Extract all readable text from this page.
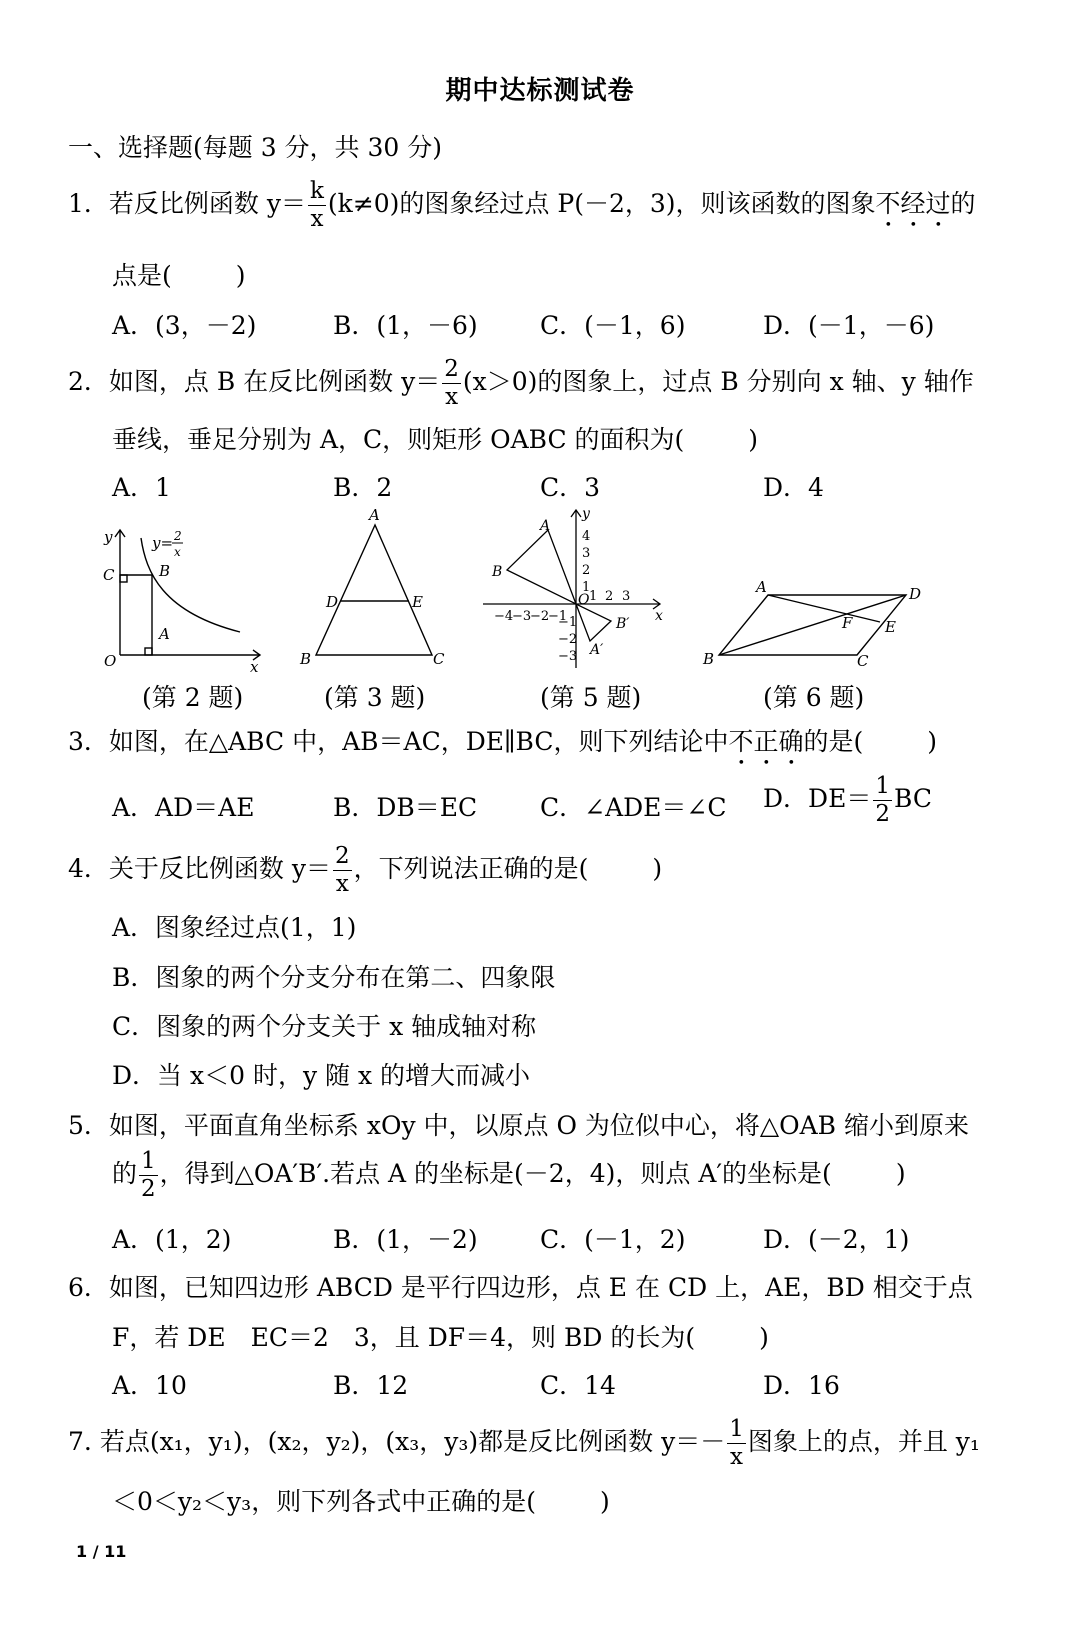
期中达标测试卷
一、选择题(每题 3 分，共 30 分)
1．若反比例函数 $y= \frac{k}{x} (k\ne 0)$的图象经过点 P(－2，3)，则该函数的图象不经过的
点是(	)
A．(3，－2)	B．(1，－6) C．(－1，6)	D．(－1，－6)
2．如图，点 B 在反比例函数 $y= \frac{2}{x} (x>0)$的图象上，过点 B 分别向 x 轴、y 轴作
垂线，垂足分别为 A，C，则矩形 OABC 的面积为(	)
A．1	B．2	C．3	D．4
y
x
O
C	B
A
y= 2
x
A
B	C
D	E
y
x
O
A
B
A′
B′
−4
−3
−2
−1
1 2 3
4
3
2
1
−1
−2
−3
A
B	C
D
E
F
(第 2 题)	(第 3 题)	(第 5 题)	(第 6 题)
3．如图，在△ABC 中，AB＝AC，DE∥BC，则下列结论中不正确的是(	)
A．AD＝AE	B．DB＝EC	C．∠ADE＝∠C D．$DE= \frac{1}{2}$ BC
4．关于反比例函数 $y= \frac{2}{x}$ ，下列说法正确的是(	)
A．图象经过点(1，1)
B．图象的两个分支分布在第二、四象限
C．图象的两个分支关于 x 轴成轴对称
D．当 x＜0 时，y 随 x 的增大而减小
5．如图，平面直角坐标系 xOy 中，以原点 O 为位似中心，将△OAB 缩小到原来
的 $\frac{1}{2}$ ，得到△OA′B′.若点 A 的坐标是(－2，4)，则点 A′的坐标是(	)
A．(1，2)	B．(1，－2) C．(－1，2)	D．(－2，1)
6．如图，已知四边形 ABCD 是平行四边形，点 E 在 CD 上，AE，BD 相交于点
F，若 DE　EC＝2　3，且 DF＝4，则 BD 的长为(	)
A．10	B．12	C．14	D．16
7. 若点(x₁，y₁)，(x₂，y₂)，(x₃，y₃)都是反比例函数 $y=- \frac{1}{x}$ 图象上的点，并且 y₁
＜0＜y₂＜y₃，则下列各式中正确的是(	)
1 / 11
